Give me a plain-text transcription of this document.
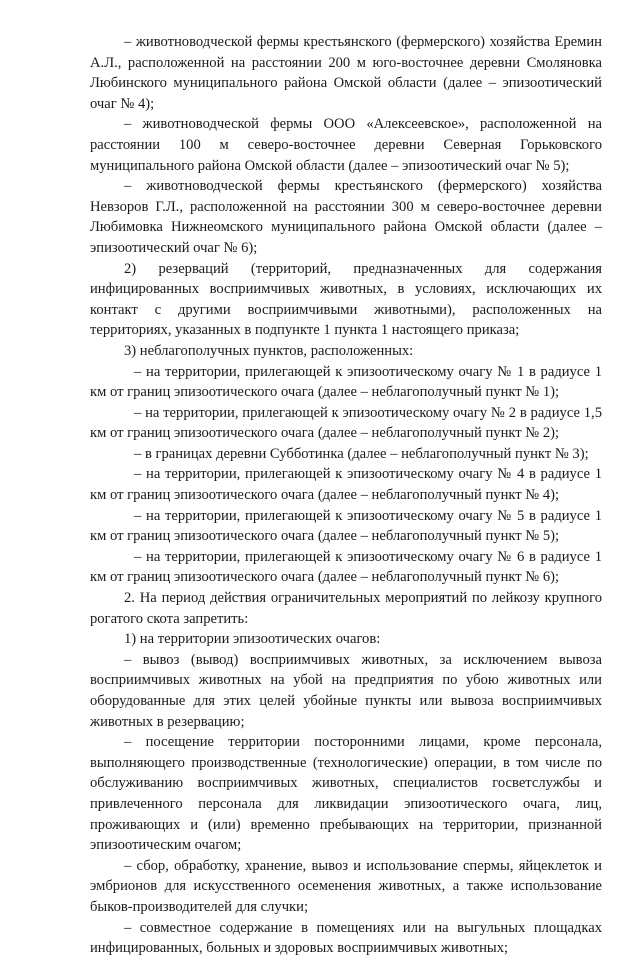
– животноводческой фермы крестьянского (фермерского) хозяйства Еремин А.Л., расположенной на расстоянии 200 м юго-восточнее деревни Смоляновка Любинского муниципального района Омской области (далее – эпизоотический очаг № 4);

– животноводческой фермы ООО «Алексеевское», расположенной на расстоянии 100 м северо-восточнее деревни Северная Горьковского муниципального района Омской области (далее – эпизоотический очаг № 5);

– животноводческой фермы крестьянского (фермерского) хозяйства Невзоров Г.Л., расположенной на расстоянии 300 м северо-восточнее деревни Любимовка Нижнеомского муниципального района Омской области (далее – эпизоотический очаг № 6);

2) резерваций (территорий, предназначенных для содержания инфицированных восприимчивых животных, в условиях, исключающих их контакт с другими восприимчивыми животными), расположенных на территориях, указанных в подпункте 1 пункта 1 настоящего приказа;

3) неблагополучных пунктов, расположенных:

– на территории, прилегающей к эпизоотическому очагу № 1 в радиусе 1 км от границ эпизоотического очага (далее – неблагополучный пункт № 1);

– на территории, прилегающей к эпизоотическому очагу № 2 в радиусе 1,5 км от границ эпизоотического очага (далее – неблагополучный пункт № 2);

– в границах деревни Субботинка (далее – неблагополучный пункт № 3);

– на территории, прилегающей к эпизоотическому очагу № 4 в радиусе 1 км от границ эпизоотического очага (далее – неблагополучный пункт № 4);

– на территории, прилегающей к эпизоотическому очагу № 5 в радиусе 1 км от границ эпизоотического очага (далее – неблагополучный пункт № 5);

– на территории, прилегающей к эпизоотическому очагу № 6 в радиусе 1 км от границ эпизоотического очага (далее – неблагополучный пункт № 6);

2. На период действия ограничительных мероприятий по лейкозу крупного рогатого скота запретить:

1) на территории эпизоотических очагов:

– вывоз (вывод) восприимчивых животных, за исключением вывоза восприимчивых животных на убой на предприятия по убою животных или оборудованные для этих целей убойные пункты или вывоза восприимчивых животных в резервацию;

– посещение территории посторонними лицами, кроме персонала, выполняющего производственные (технологические) операции, в том числе по обслуживанию восприимчивых животных, специалистов госветслужбы и привлеченного персонала для ликвидации эпизоотического очага, лиц, проживающих и (или) временно пребывающих на территории, признанной эпизоотическим очагом;

– сбор, обработку, хранение, вывоз и использование спермы, яйцеклеток и эмбрионов для искусственного осеменения животных, а также использование быков-производителей для случки;

– совместное содержание в помещениях или на выгульных площадках инфицированных, больных и здоровых восприимчивых животных;
